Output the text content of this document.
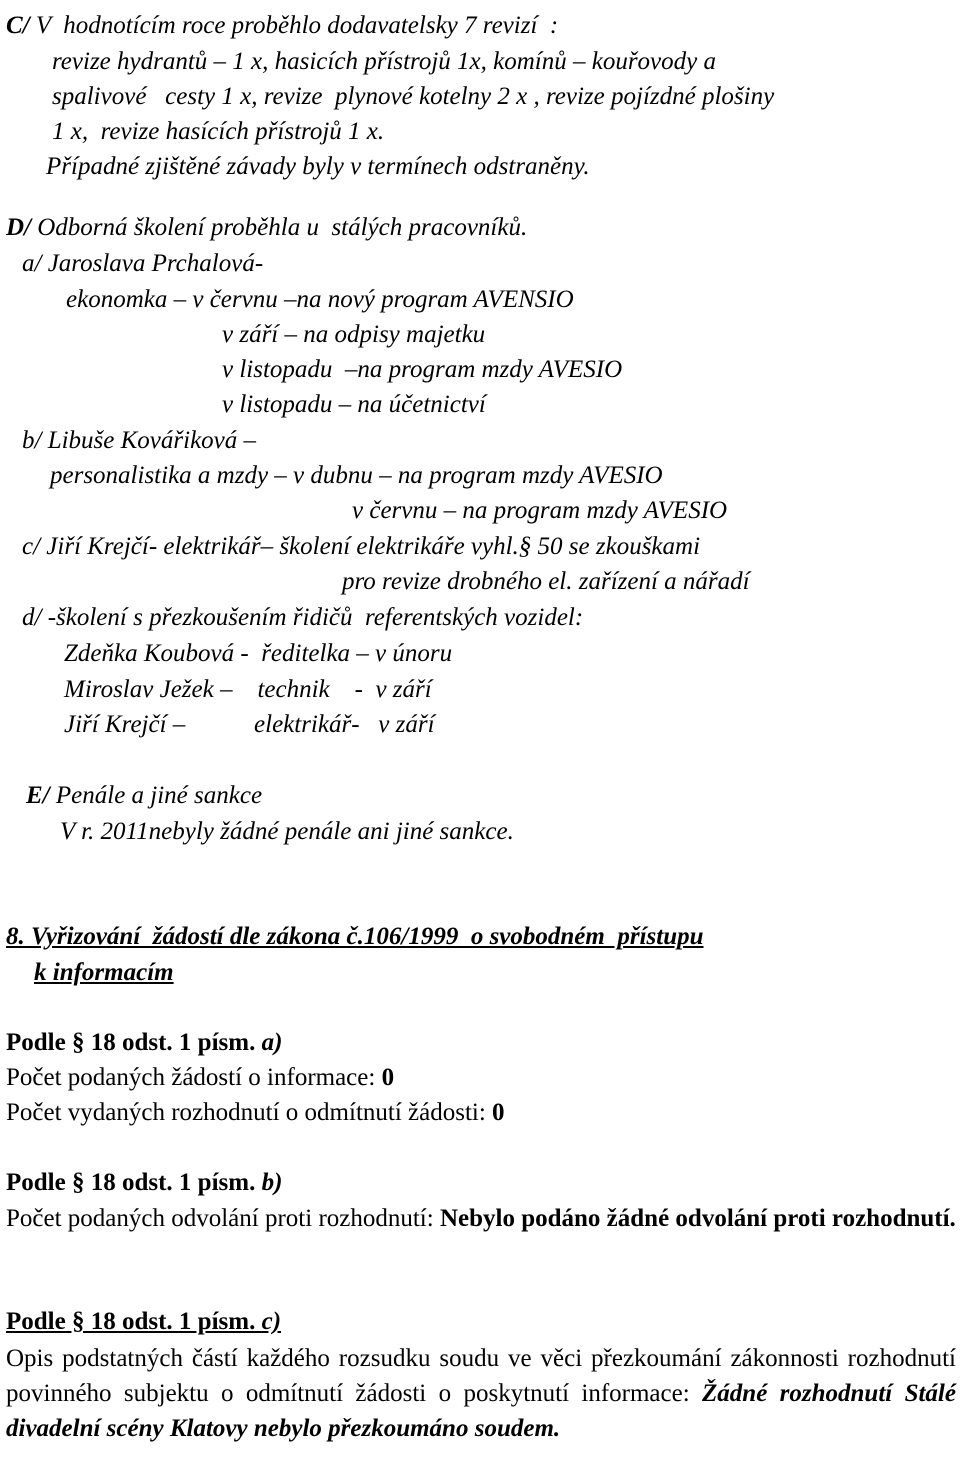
C/ V  hodnotícím roce proběhlo dodavatelsky 7 revizí  :
revize hydrantů – 1 x, hasicích přístrojů 1x, komínů – kouřovody a
spalivové   cesty 1 x, revize  plynové kotelny 2 x , revize pojízdné plošiny
1 x,  revize hasících přístrojů 1 x.
Případné zjištěné závady byly v termínech odstraněny.
D/ Odborná školení proběhla u  stálých pracovníků.
a/ Jaroslava Prchalová-
ekonomka – v červnu –na nový program AVENSIO
v září – na odpisy majetku
v listopadu  –na program mzdy AVESIO
v listopadu – na účetnictví
b/ Libuše Kovářiková –
personalistika a mzdy – v dubnu – na program mzdy AVESIO
v červnu – na program mzdy AVESIO
c/ Jiří Krejčí- elektrikář– školení elektrikáře vyhl.§ 50 se zkouškami
pro revize drobného el. zařízení a nářadí
d/ -školení s přezkoušením řidičů  referentských vozidel:
Zdeňka Koubová -  ředitelka – v únoru
Miroslav Ježek –    technik    -  v září
Jiří Krejčí –           elektrikář-   v září
E/ Penále a jiné sankce
V r. 2011nebyly žádné penále ani jiné sankce.
8. Vyřizování  žádostí dle zákona č.106/1999  o svobodném  přístupu
k informacím
Podle § 18 odst. 1 písm. a)
Počet podaných žádostí o informace: 0
Počet vydaných rozhodnutí o odmítnutí žádosti: 0
Podle § 18 odst. 1 písm. b)
Počet podaných odvolání proti rozhodnutí: Nebylo podáno žádné odvolání proti rozhodnutí.
Podle § 18 odst. 1 písm. c)
Opis podstatných částí každého rozsudku soudu ve věci přezkoumání zákonnosti rozhodnutí povinného subjektu o odmítnutí žádosti o poskytnutí informace: Žádné rozhodnutí Stálé divadelní scény Klatovy nebylo přezkoumáno soudem.
